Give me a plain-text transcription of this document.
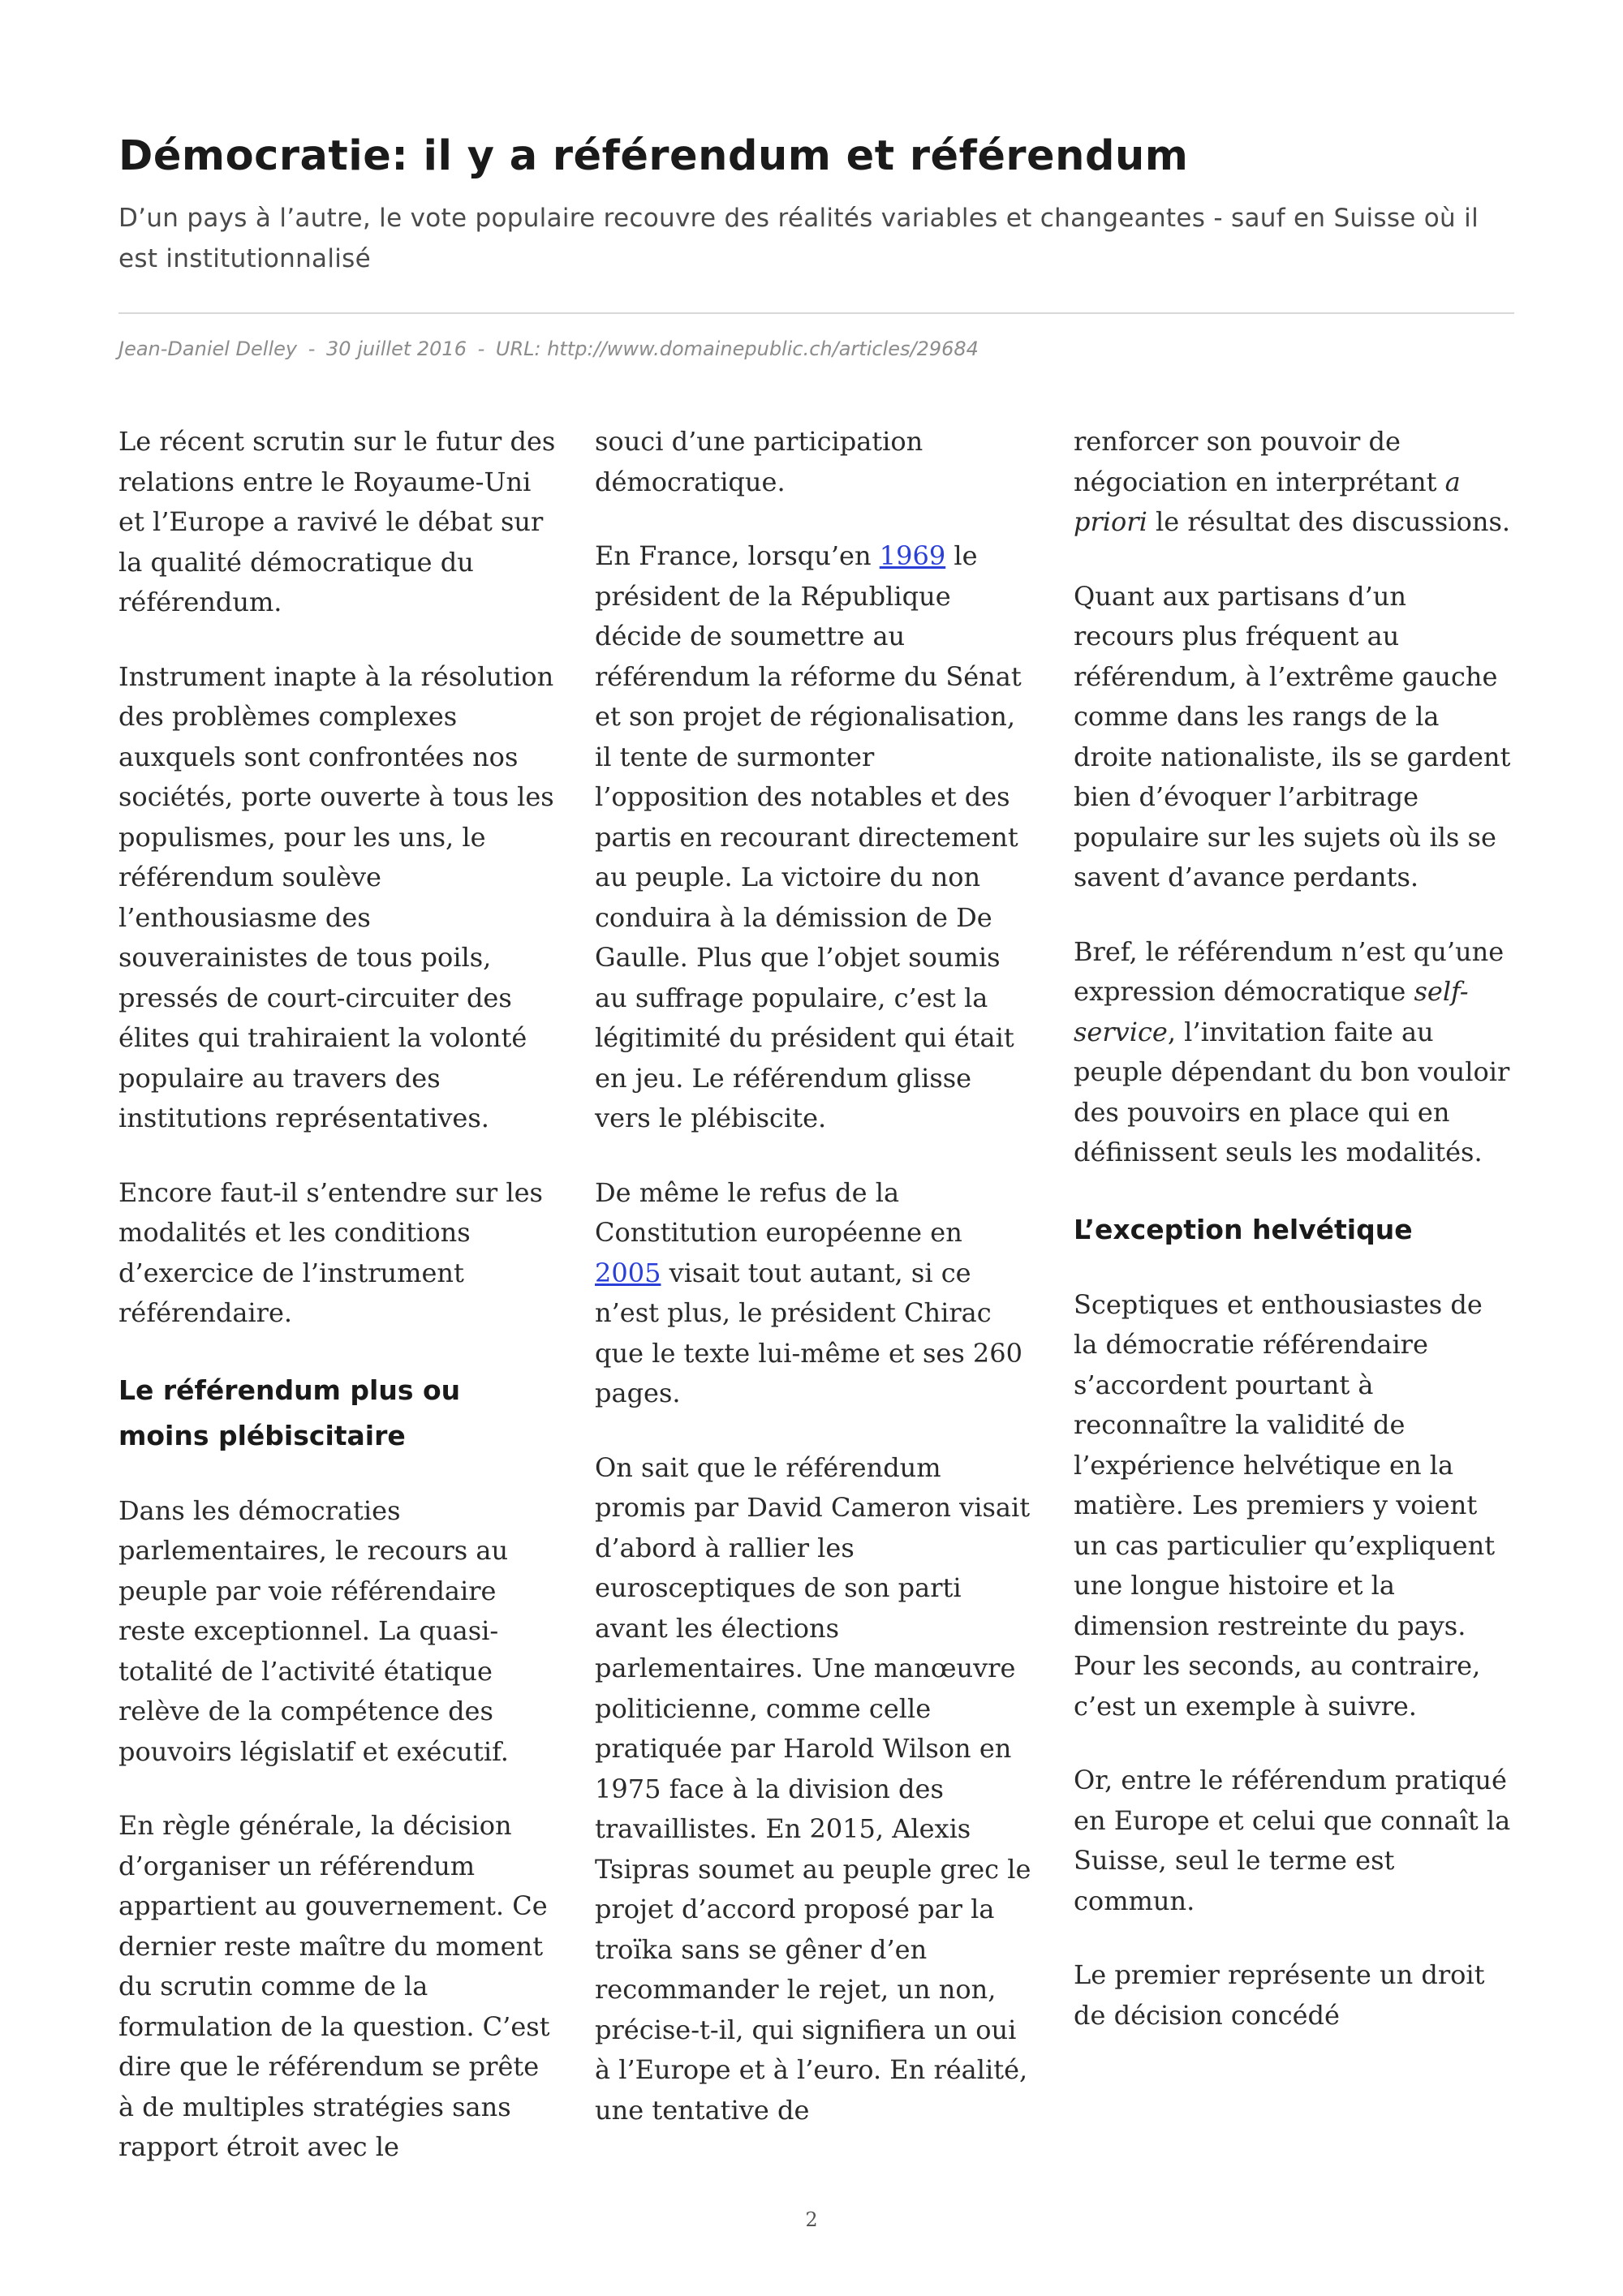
Démocratie: il y a référendum et référendum

D’un pays à l’autre, le vote populaire recouvre des réalités variables et changeantes - sauf en Suisse où il est institutionnalisé

Jean-Daniel Delley - 30 juillet 2016 - URL: http://www.domainepublic.ch/articles/29684

Le récent scrutin sur le futur des relations entre le Royaume-Uni et l’Europe a ravivé le débat sur la qualité démocratique du référendum.

Instrument inapte à la résolution des problèmes complexes auxquels sont confrontées nos sociétés, porte ouverte à tous les populismes, pour les uns, le référendum soulève l’enthousiasme des souverainistes de tous poils, pressés de court-circuiter des élites qui trahiraient la volonté populaire au travers des institutions représentatives.

Encore faut-il s’entendre sur les modalités et les conditions d’exercice de l’instrument référendaire.

Le référendum plus ou moins plébiscitaire

Dans les démocraties parlementaires, le recours au peuple par voie référendaire reste exceptionnel. La quasi-totalité de l’activité étatique relève de la compétence des pouvoirs législatif et exécutif.

En règle générale, la décision d’organiser un référendum appartient au gouvernement. Ce dernier reste maître du moment du scrutin comme de la formulation de la question. C’est dire que le référendum se prête à de multiples stratégies sans rapport étroit avec le

souci d’une participation démocratique.

En France, lorsqu’en 1969 le président de la République décide de soumettre au référendum la réforme du Sénat et son projet de régionalisation, il tente de surmonter l’opposition des notables et des partis en recourant directement au peuple. La victoire du non conduira à la démission de De Gaulle. Plus que l’objet soumis au suffrage populaire, c’est la légitimité du président qui était en jeu. Le référendum glisse vers le plébiscite.

De même le refus de la Constitution européenne en 2005 visait tout autant, si ce n’est plus, le président Chirac que le texte lui-même et ses 260 pages.

On sait que le référendum promis par David Cameron visait d’abord à rallier les eurosceptiques de son parti avant les élections parlementaires. Une manœuvre politicienne, comme celle pratiquée par Harold Wilson en 1975 face à la division des travaillistes. En 2015, Alexis Tsipras soumet au peuple grec le projet d’accord proposé par la troïka sans se gêner d’en recommander le rejet, un non, précise-t-il, qui signifiera un oui à l’Europe et à l’euro. En réalité, une tentative de

renforcer son pouvoir de négociation en interprétant a priori le résultat des discussions.

Quant aux partisans d’un recours plus fréquent au référendum, à l’extrême gauche comme dans les rangs de la droite nationaliste, ils se gardent bien d’évoquer l’arbitrage populaire sur les sujets où ils se savent d’avance perdants.

Bref, le référendum n’est qu’une expression démocratique self-service, l’invitation faite au peuple dépendant du bon vouloir des pouvoirs en place qui en définissent seuls les modalités.

L’exception helvétique

Sceptiques et enthousiastes de la démocratie référendaire s’accordent pourtant à reconnaître la validité de l’expérience helvétique en la matière. Les premiers y voient un cas particulier qu’expliquent une longue histoire et la dimension restreinte du pays. Pour les seconds, au contraire, c’est un exemple à suivre.

Or, entre le référendum pratiqué en Europe et celui que connaît la Suisse, seul le terme est commun.

Le premier représente un droit de décision concédé

2
